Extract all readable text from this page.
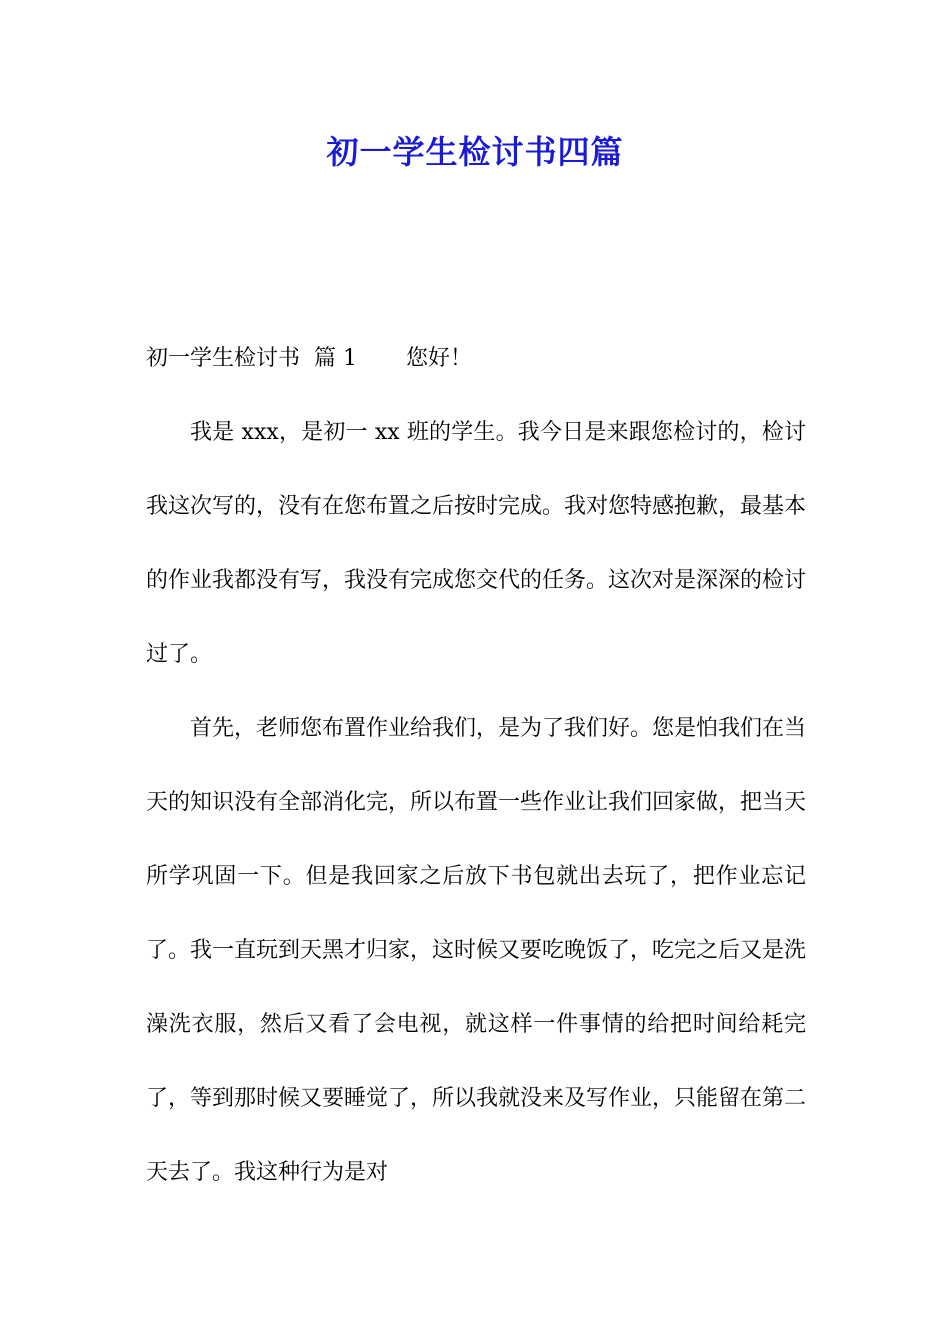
初一学生检讨书四篇
初一学生检讨书  篇 1 您好！

我是 xxx，是初一 xx 班的学生。我今日是来跟您检讨的，检讨我这次写的，没有在您布置之后按时完成。我对您特感抱歉，最基本的作业我都没有写，我没有完成您交代的任务。这次对是深深的检讨过了。

首先，老师您布置作业给我们，是为了我们好。您是怕我们在当天的知识没有全部消化完，所以布置一些作业让我们回家做，把当天所学巩固一下。但是我回家之后放下书包就出去玩了，把作业忘记了。我一直玩到天黑才归家，这时候又要吃晚饭了，吃完之后又是洗澡洗衣服，然后又看了会电视，就这样一件事情的给把时间给耗完了，等到那时候又要睡觉了，所以我就没来及写作业，只能留在第二天去了。我这种行为是对
